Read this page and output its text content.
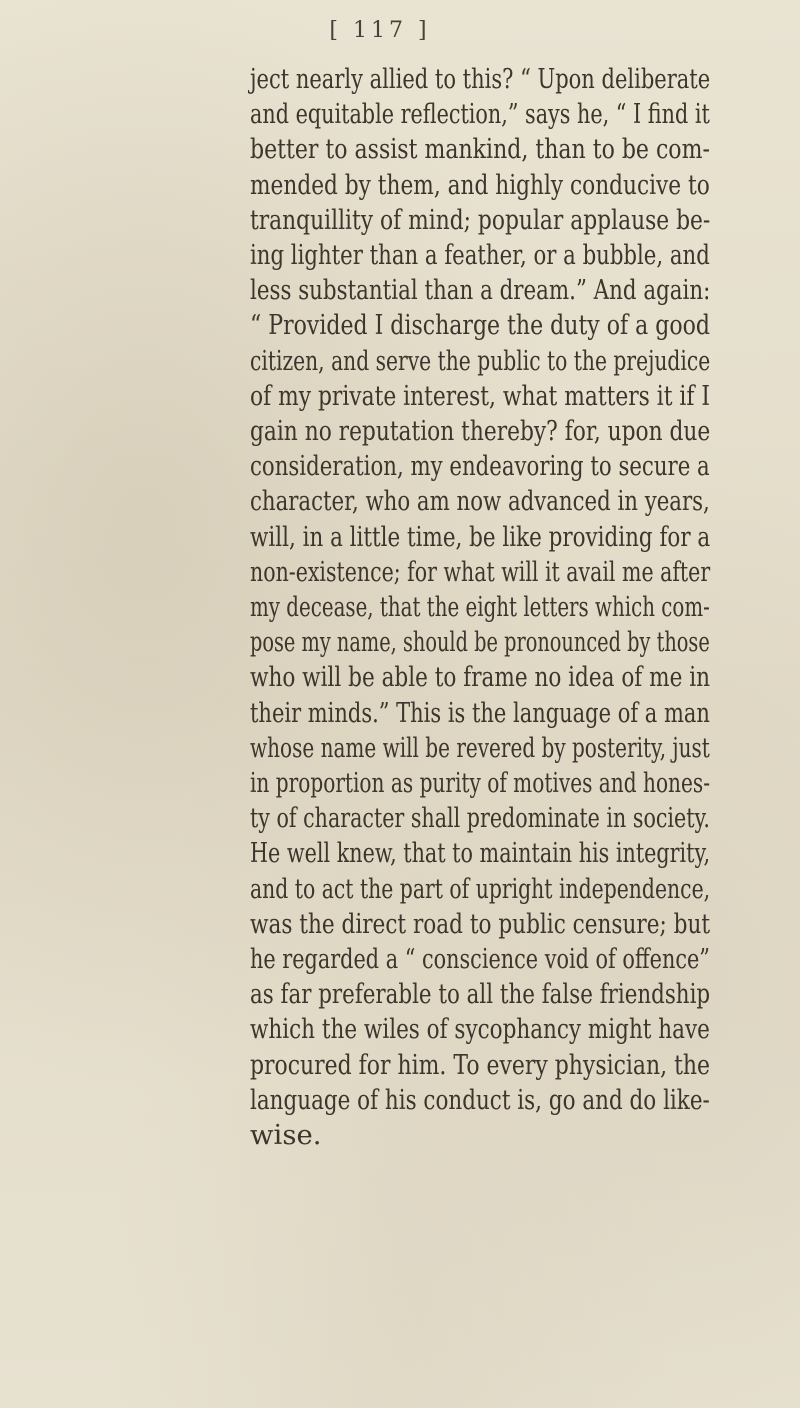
[ 117 ]
ject nearly allied to this? “ Upon deliberate
and equitable reflection,” says he, “ I find it
better to assist mankind, than to be com-
mended by them, and highly conducive to
tranquillity of mind; popular applause be-
ing lighter than a feather, or a bubble, and
less substantial than a dream.” And again:
“ Provided I discharge the duty of a good
citizen, and serve the public to the prejudice
of my private interest, what matters it if I
gain no reputation thereby? for, upon due
consideration, my endeavoring to secure a
character, who am now advanced in years,
will, in a little time, be like providing for a
non-existence; for what will it avail me after
my decease, that the eight letters which com-
pose my name, should be pronounced by those
who will be able to frame no idea of me in
their minds.” This is the language of a man
whose name will be revered by posterity, just
in proportion as purity of motives and hones-
ty of character shall predominate in society.
He well knew, that to maintain his integrity,
and to act the part of upright independence,
was the direct road to public censure; but
he regarded a “ conscience void of offence”
as far preferable to all the false friendship
which the wiles of sycophancy might have
procured for him. To every physician, the
language of his conduct is, go and do like-
wise.
